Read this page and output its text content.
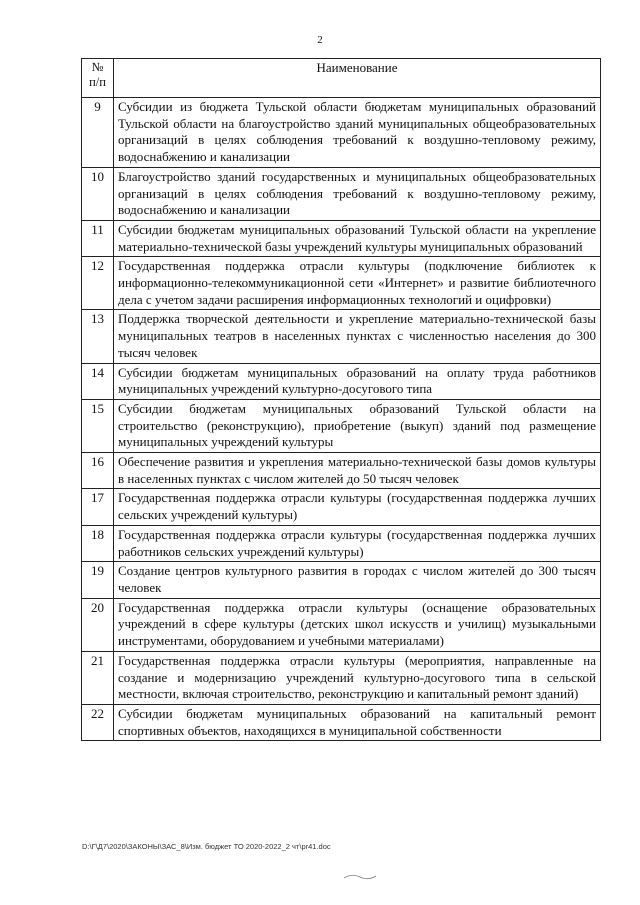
2
№ п/п	Наименование
9	Субсидии из бюджета Тульской области бюджетам муниципальных образований Тульской области на благоустройство зданий муниципальных общеобразовательных организаций в целях соблюдения требований к воздушно-тепловому режиму, водоснабжению и канализации
10	Благоустройство зданий государственных и муниципальных общеобразовательных организаций в целях соблюдения требований к воздушно-тепловому режиму, водоснабжению и канализации
11	Субсидии бюджетам муниципальных образований Тульской области на укрепление материально-технической базы учреждений культуры муниципальных образований
12	Государственная поддержка отрасли культуры (подключение библиотек к информационно-телекоммуникационной сети «Интернет» и развитие библиотечного дела с учетом задачи расширения информационных технологий и оцифровки)
13	Поддержка творческой деятельности и укрепление материально-технической базы муниципальных театров в населенных пунктах с численностью населения до 300 тысяч человек
14	Субсидии бюджетам муниципальных образований на оплату труда работников муниципальных учреждений культурно-досугового типа
15	Субсидии бюджетам муниципальных образований Тульской области на строительство (реконструкцию), приобретение (выкуп) зданий под размещение муниципальных учреждений культуры
16	Обеспечение развития и укрепления материально-технической базы домов культуры в населенных пунктах с числом жителей до 50 тысяч человек
17	Государственная поддержка отрасли культуры (государственная поддержка лучших сельских учреждений культуры)
18	Государственная поддержка отрасли культуры (государственная поддержка лучших работников сельских учреждений культуры)
19	Создание центров культурного развития в городах с числом жителей до 300 тысяч человек
20	Государственная поддержка отрасли культуры (оснащение образовательных учреждений в сфере культуры (детских школ искусств и училищ) музыкальными инструментами, оборудованием и учебными материалами)
21	Государственная поддержка отрасли культуры (мероприятия, направленные на создание и модернизацию учреждений культурно-досугового типа в сельской местности, включая строительство, реконструкцию и капитальный ремонт зданий)
22	Субсидии бюджетам муниципальных образований на капитальный ремонт спортивных объектов, находящихся в муниципальной собственности
D:\Г\Д7\2020\ЗАКОНЫ\ЗАС_8\Изм. бюджет ТО 2020-2022_2 чт\pr41.doc
